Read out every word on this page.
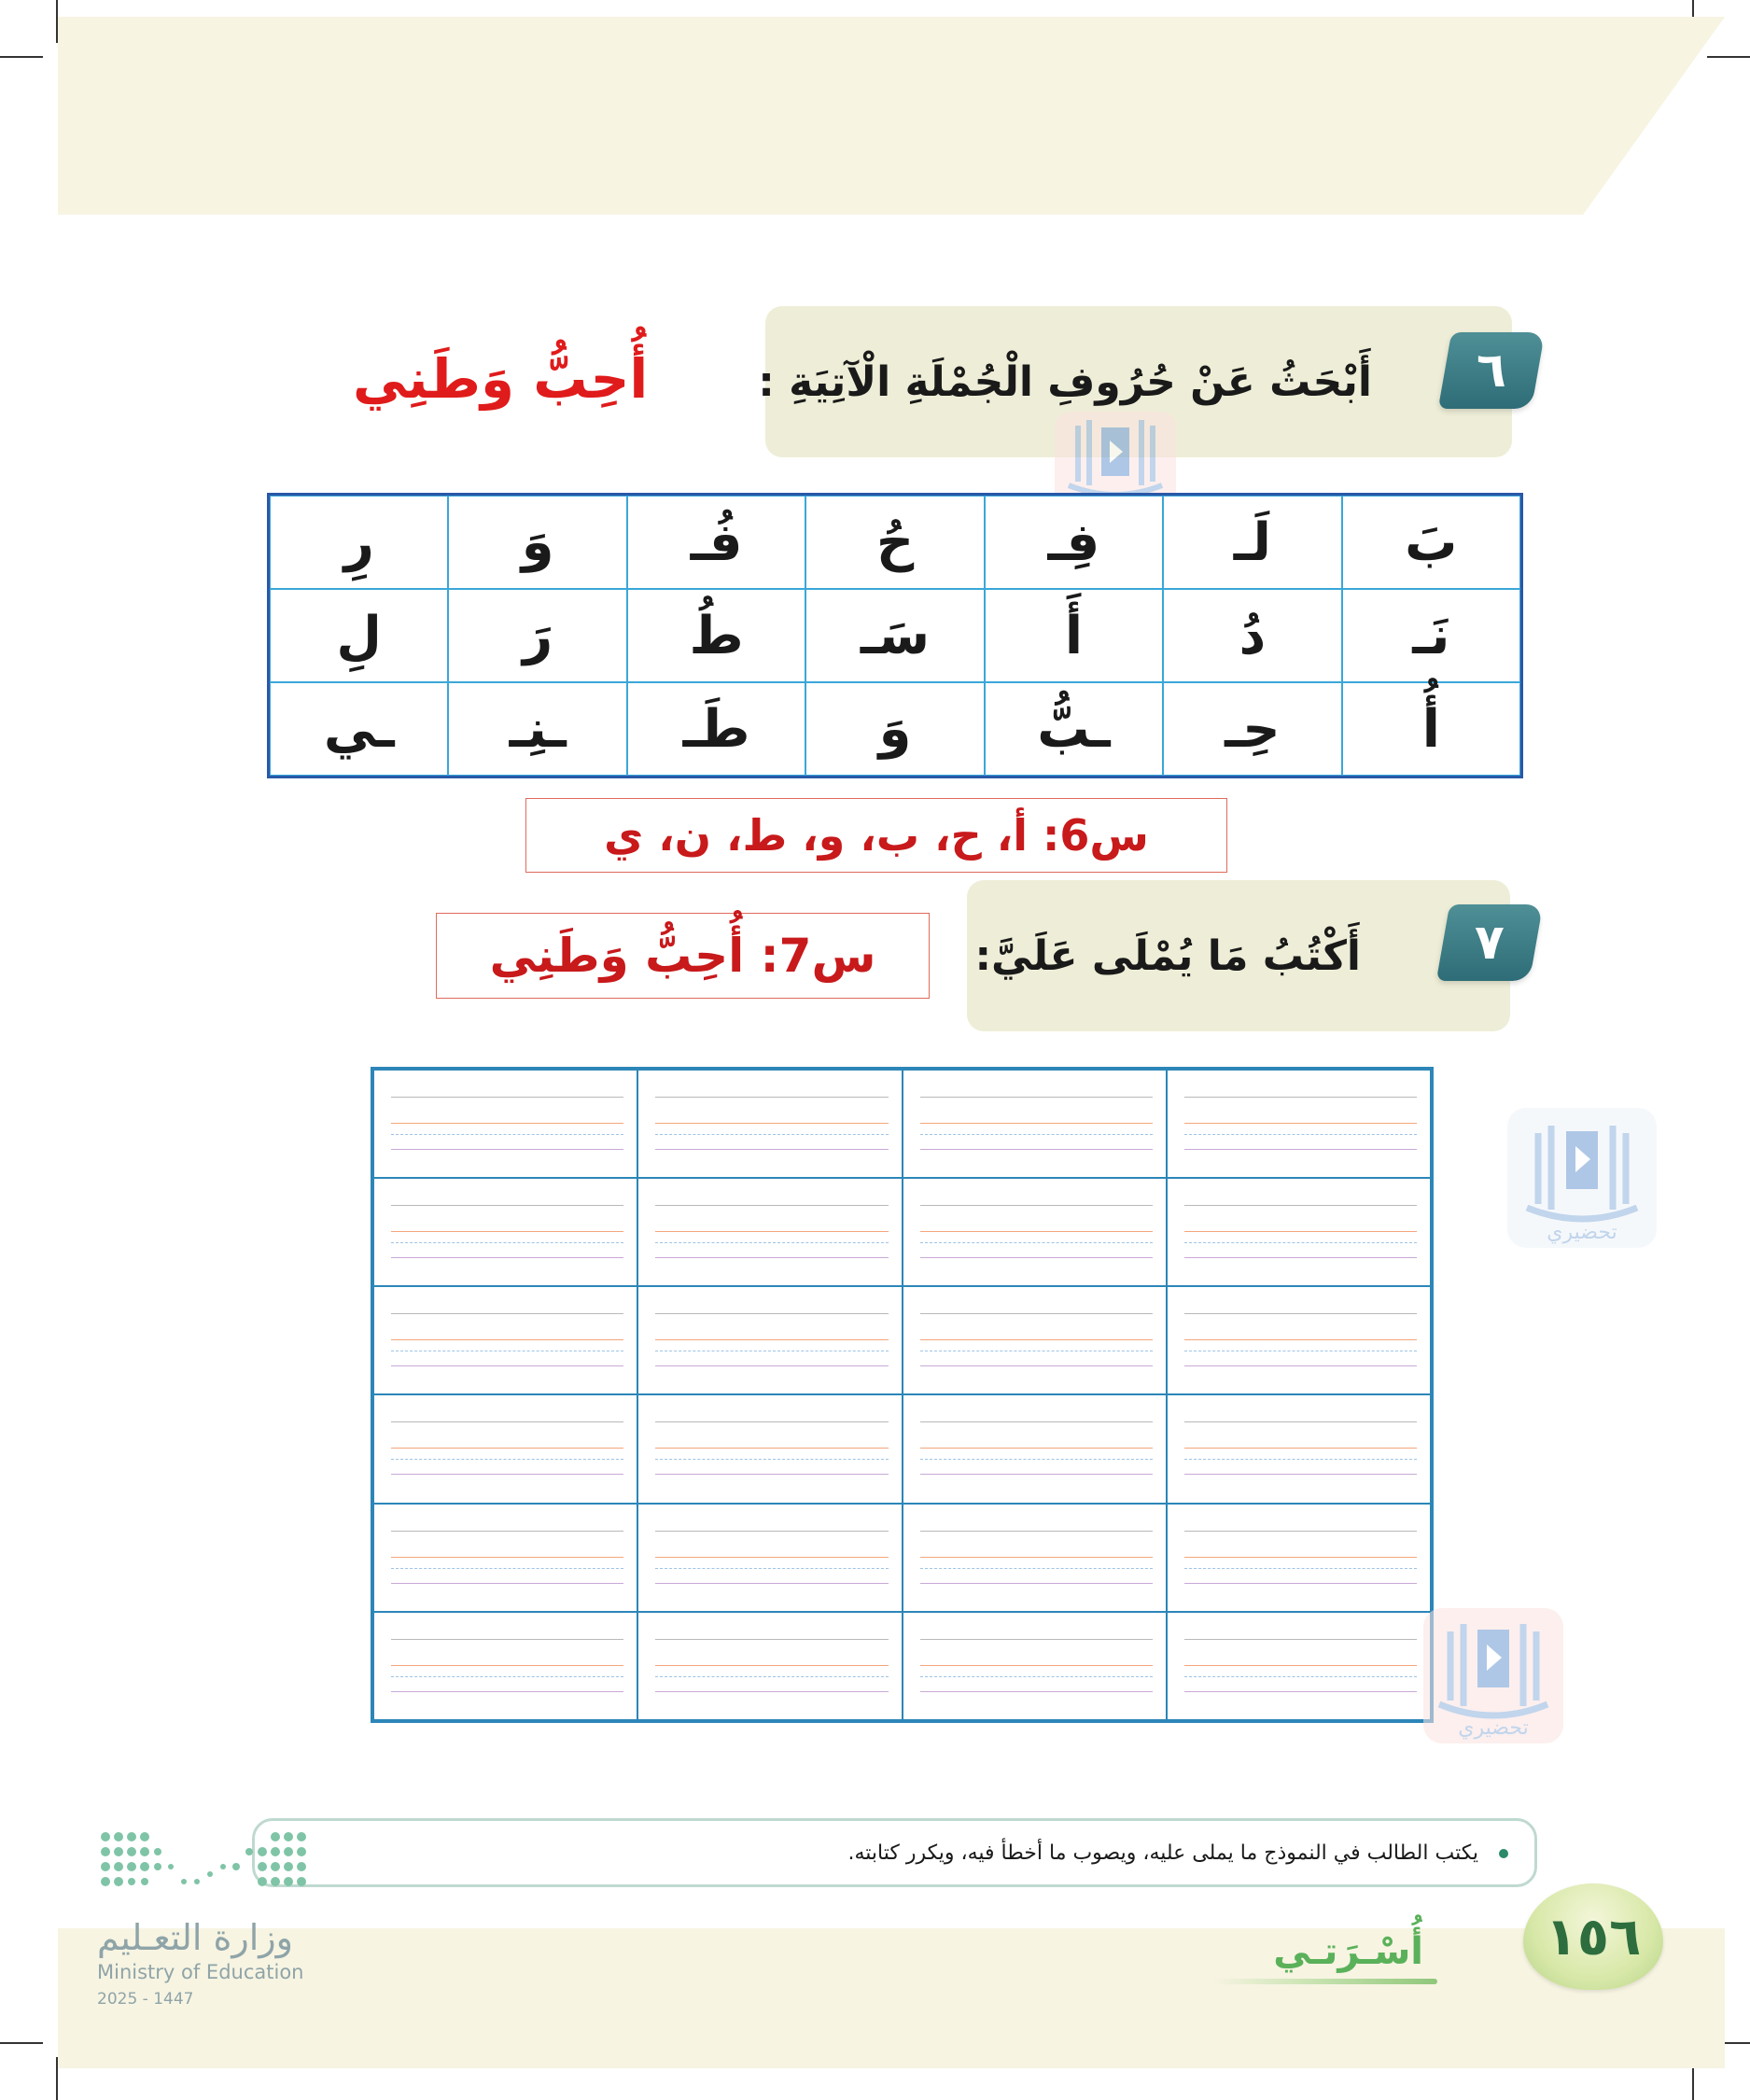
أَبْحَثُ عَنْ حُرُوفِ الْجُمْلَةِ الْآتِيَةِ : ٦
أُحِبُّ وَطَنِي
بَ
لَـ
فِـ
حُ
فُـ
وَ
رِ
نَـ
دُ
أَ
سَـ
طُ
رَ
لِ
أُ
حِـ
ـبُّ
وَ
طَـ
ـنِـ
ـي
س6: أ، ح، ب، و، ط، ن، ي
أَكْتُبُ مَا يُمْلَى عَلَيَّ: ٧
س7: أُحِبُّ وَطَنِي
تحضيري
تحضيري
يكتب الطالب في النموذج ما يملى عليه، ويصوب ما أخطأ فيه، ويكرر كتابته.
أُسْـرَتـي ١٥٦
وزارة التعـليم
Ministry of Education
2025 - 1447
